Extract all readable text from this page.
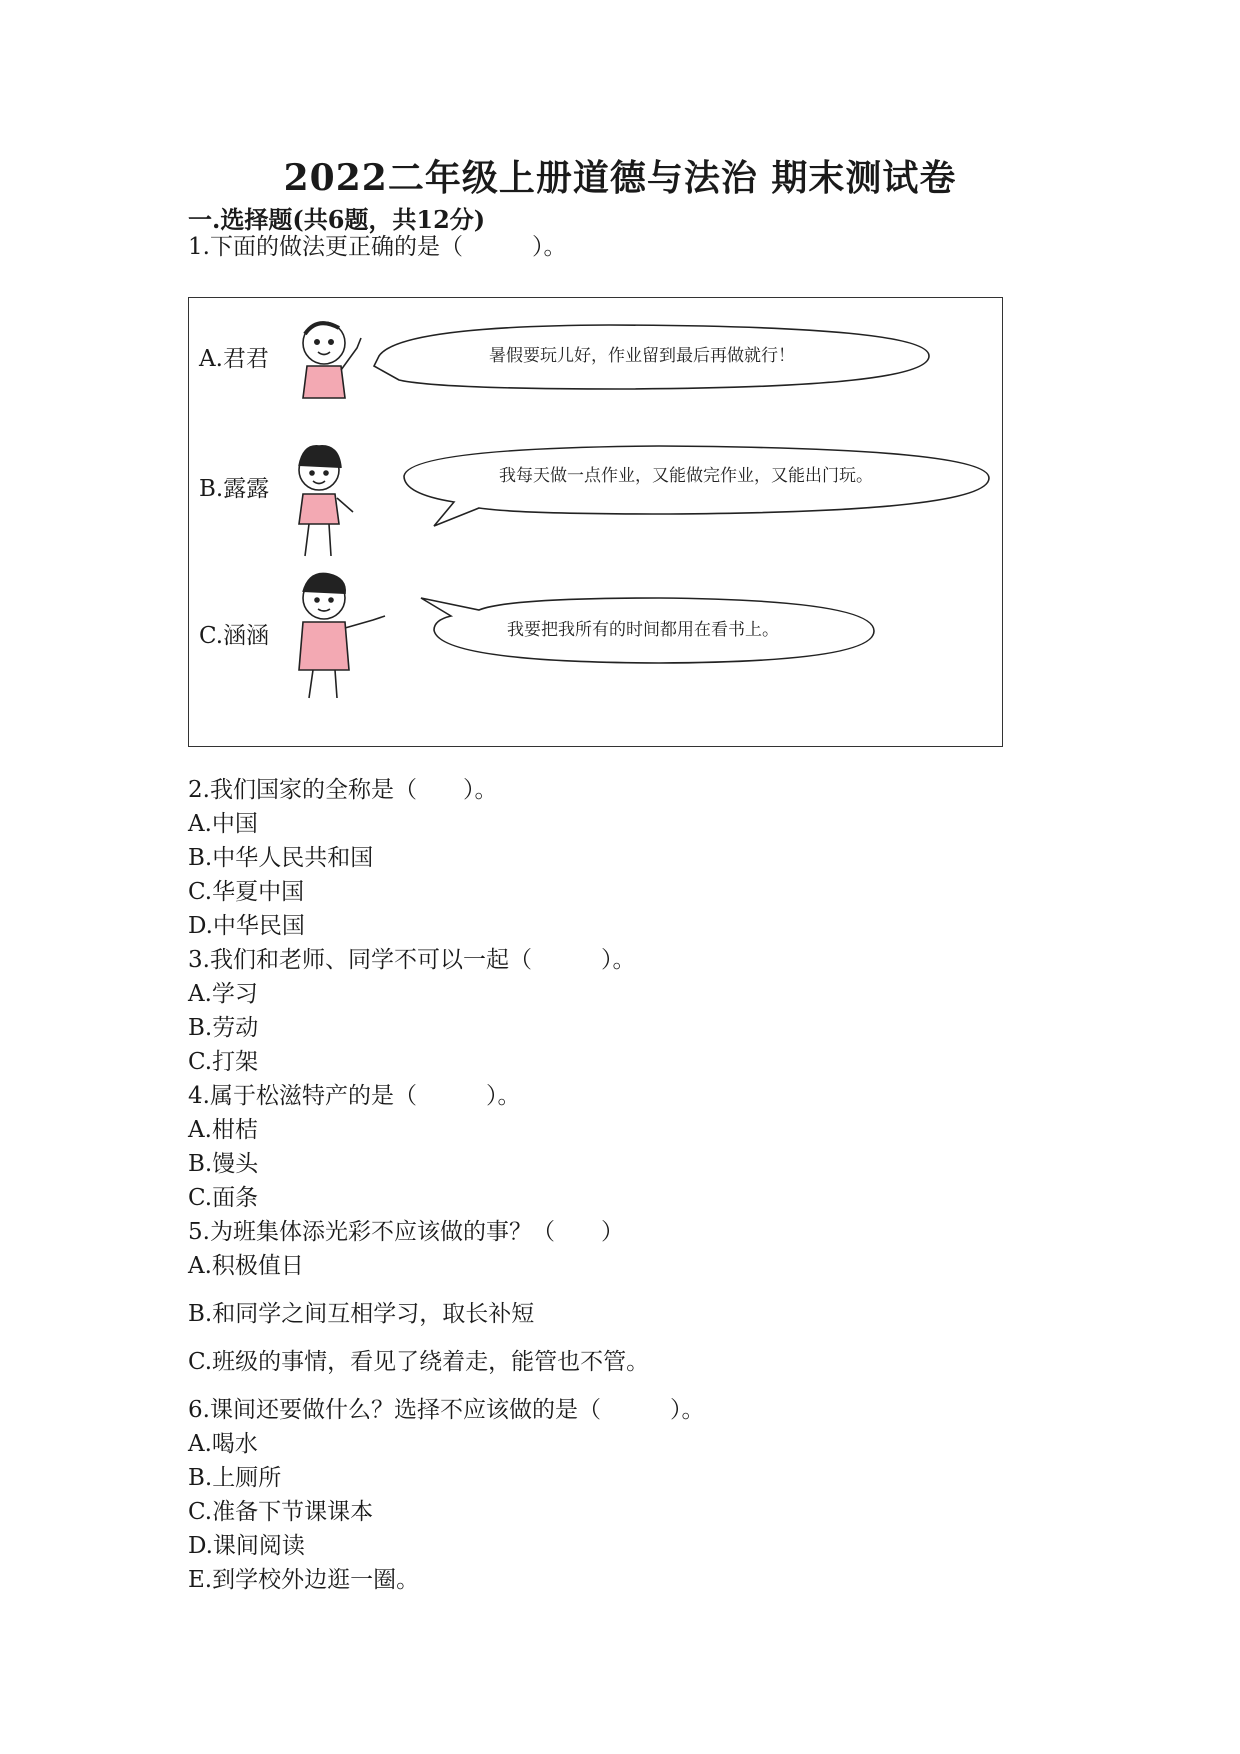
2022二年级上册道德与法治 期末测试卷
一.选择题(共6题，共12分)
1.下面的做法更正确的是（　　　）。
A.君君	暑假要玩儿好，作业留到最后再做就行！
B.露露	我每天做一点作业，又能做完作业，又能出门玩。
C.涵涵	我要把我所有的时间都用在看书上。
2.我们国家的全称是（　　）。
A.中国
B.中华人民共和国
C.华夏中国
D.中华民国
3.我们和老师、同学不可以一起（　　　）。
A.学习
B.劳动
C.打架
4.属于松滋特产的是（　　　）。
A.柑桔
B.馒头
C.面条
5.为班集体添光彩不应该做的事？（　　）
A.积极值日
B.和同学之间互相学习，取长补短
C.班级的事情，看见了绕着走，能管也不管。
6.课间还要做什么？选择不应该做的是（　　　）。
A.喝水
B.上厕所
C.准备下节课课本
D.课间阅读
E.到学校外边逛一圈。
